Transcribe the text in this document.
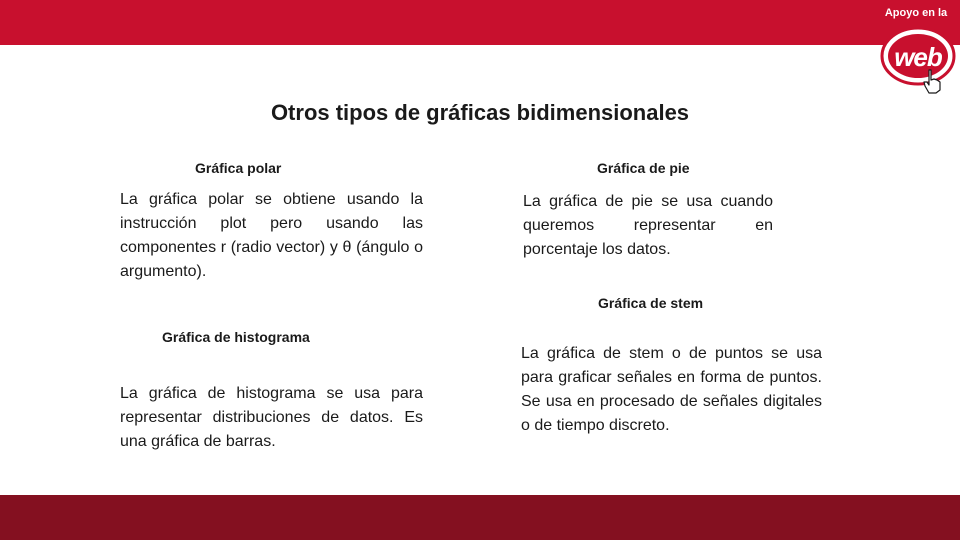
Apoyo en la
web
Otros tipos de gráficas bidimensionales
Gráfica polar
La gráfica polar se obtiene usando la instrucción plot pero usando las componentes r (radio vector) y θ (ángulo o argumento).
Gráfica de pie
La gráfica de pie se usa cuando queremos representar en porcentaje los datos.
Gráfica de stem
La gráfica de stem o de puntos se usa para graficar señales en forma de puntos. Se usa en procesado de señales digitales o de tiempo discreto.
Gráfica de histograma
La gráfica de histograma se usa para representar distribuciones de datos. Es una gráfica de barras.
